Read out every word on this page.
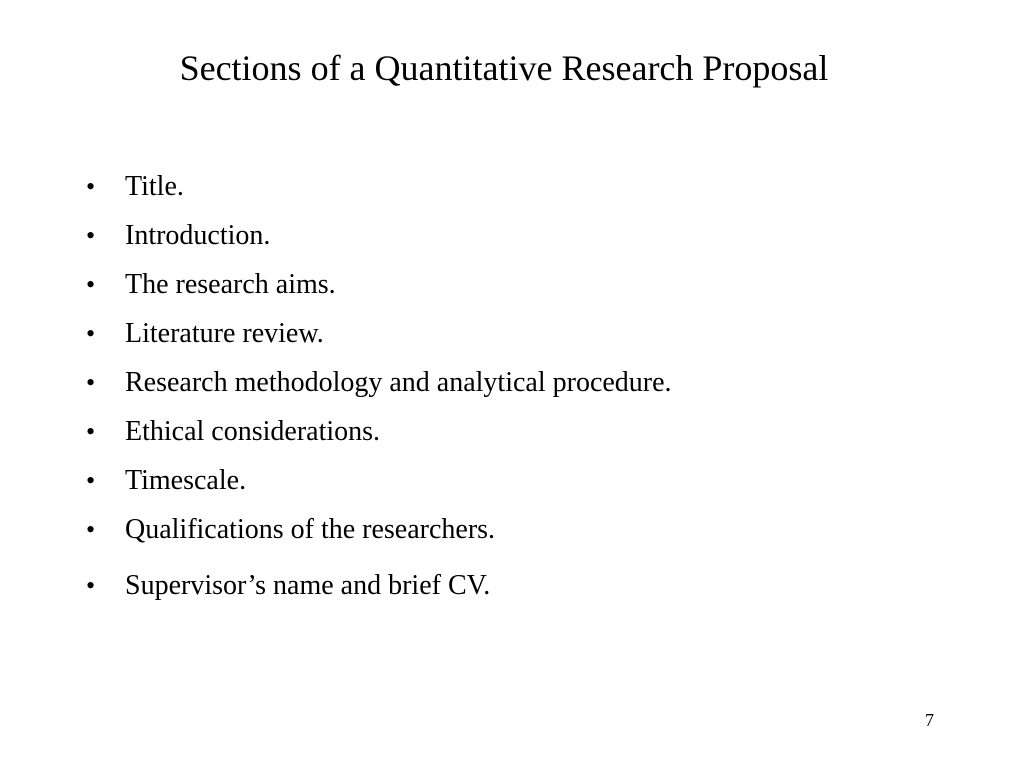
Sections of a Quantitative Research Proposal
• Title.
• Introduction.
• The research aims.
• Literature review.
• Research methodology and analytical procedure.
• Ethical considerations.
• Timescale.
• Qualifications of the researchers.
• Supervisor’s name and brief CV.
7
